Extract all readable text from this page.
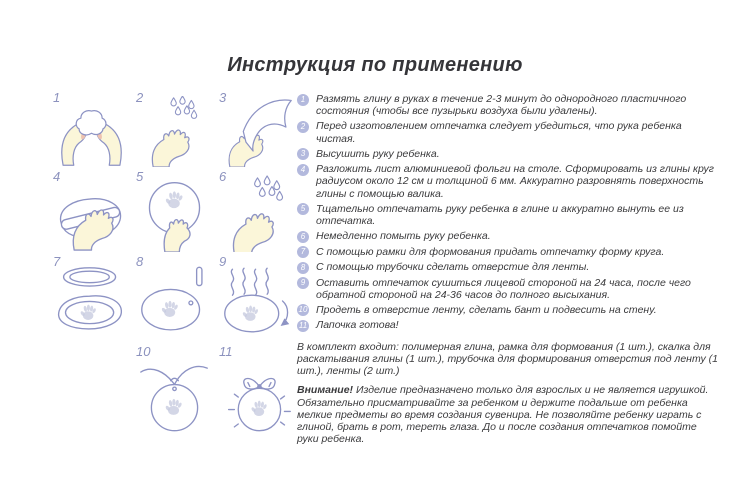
Инструкция по применению
1	2	3
4	5	6
7	8	9
10	11
1	Размять глину в руках в течение 2-3 минут до однородного пластичного состояния (чтобы все пузырьки воздуха были удалены).
2	Перед изготовлением отпечатка следует убедиться, что рука ребенка чистая.
3	Высушить руку ребенка.
4	Разложить лист алюминиевой фольги на столе. Сформировать из глины круг радиусом около 12 см и толщиной 6 мм. Аккуратно разровнять поверхность глины с помощью валика.
5	Тщательно отпечатать руку ребенка в глине и аккуратно вынуть ее из отпечатка.
6	Немедленно помыть руку ребенка.
7	С помощью рамки для формования придать отпечатку форму круга.
8	С помощью трубочки сделать отверстие для ленты.
9	Оставить отпечаток сушиться лицевой стороной на 24 часа, после чего обратной стороной на 24-36 часов до полного высыхания.
10 Продеть в отверстие ленту, сделать бант и подвесить на стену.
11 Лапочка готова!
В комплект входит: полимерная глина, рамка для формования (1 шт.), скалка для раскатывания глины (1 шт.), трубочка для формирования отверстия под ленту (1 шт.), ленты (2 шт.)
Внимание! Изделие предназначено только для взрослых и не является игрушкой. Обязательно присматривайте за ребенком и держите подальше от ребенка мелкие предметы во время создания сувенира. Не позволяйте ребенку играть с глиной, брать в рот, тереть глаза. До и после создания отпечатков помойте руки ребенка.
